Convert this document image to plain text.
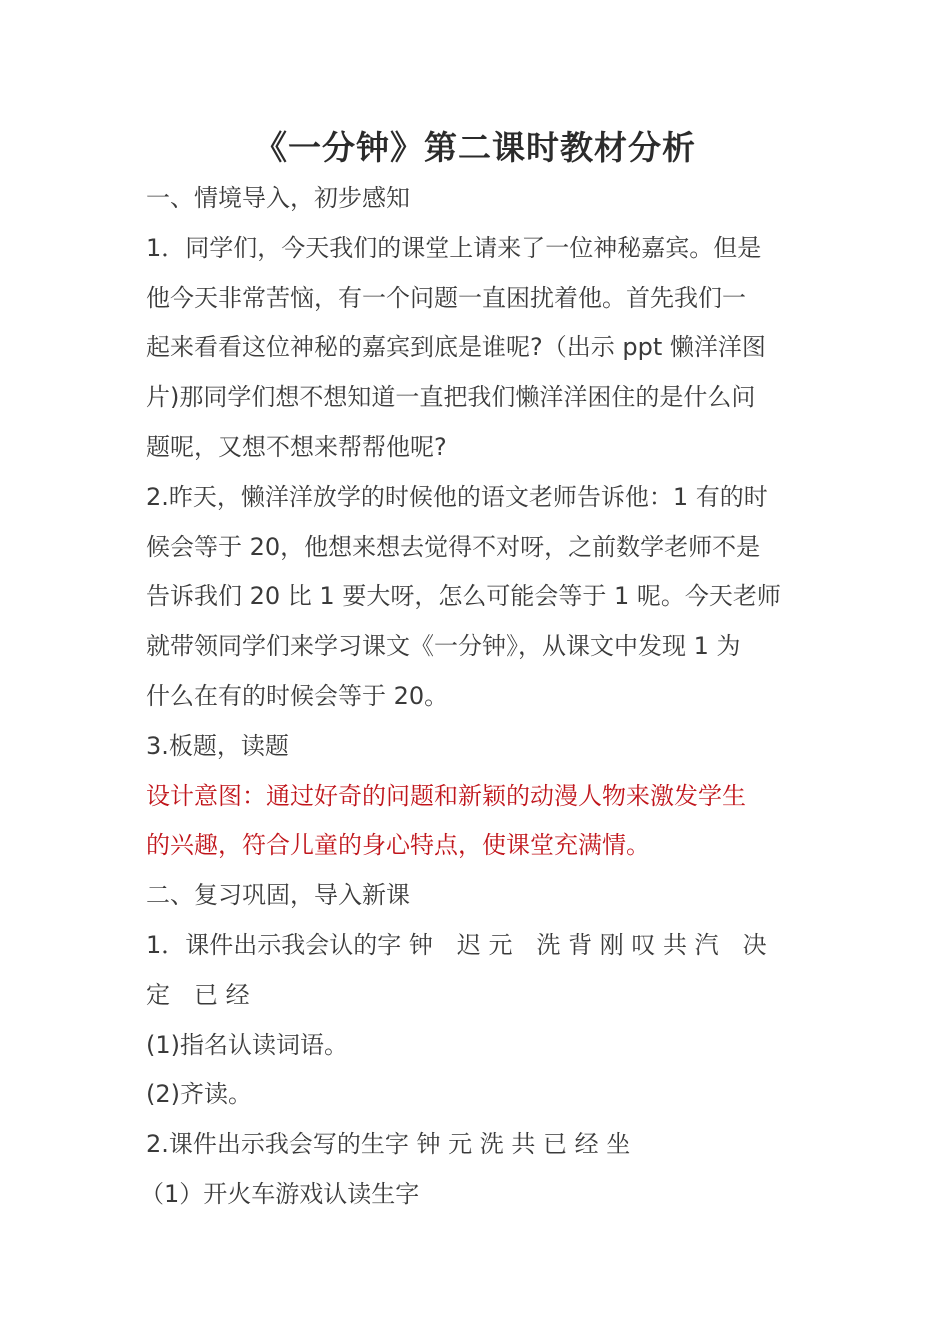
《一分钟》第二课时教材分析
一、情境导入，初步感知
1．同学们，今天我们的课堂上请来了一位神秘嘉宾。但是
他今天非常苦恼，有一个问题一直困扰着他。首先我们一
起来看看这位神秘的嘉宾到底是谁呢?（出示 ppt 懒洋洋图
片)那同学们想不想知道一直把我们懒洋洋困住的是什么问
题呢，又想不想来帮帮他呢?
2.昨天，懒洋洋放学的时候他的语文老师告诉他：1 有的时
候会等于 20，他想来想去觉得不对呀，之前数学老师不是
告诉我们 20 比 1 要大呀，怎么可能会等于 1 呢。今天老师
就带领同学们来学习课文《一分钟》，从课文中发现 1 为
什么在有的时候会等于 20。
3.板题，读题
设计意图：通过好奇的问题和新颖的动漫人物来激发学生
的兴趣，符合儿童的身心特点，使课堂充满情。
二、复习巩固，导入新课
1．课件出示我会认的字 钟　迟 元　洗 背 刚 叹 共 汽　决
定　已 经
(1)指名认读词语。
(2)齐读。
2.课件出示我会写的生字 钟 元 洗 共 已 经 坐
（1）开火车游戏认读生字
